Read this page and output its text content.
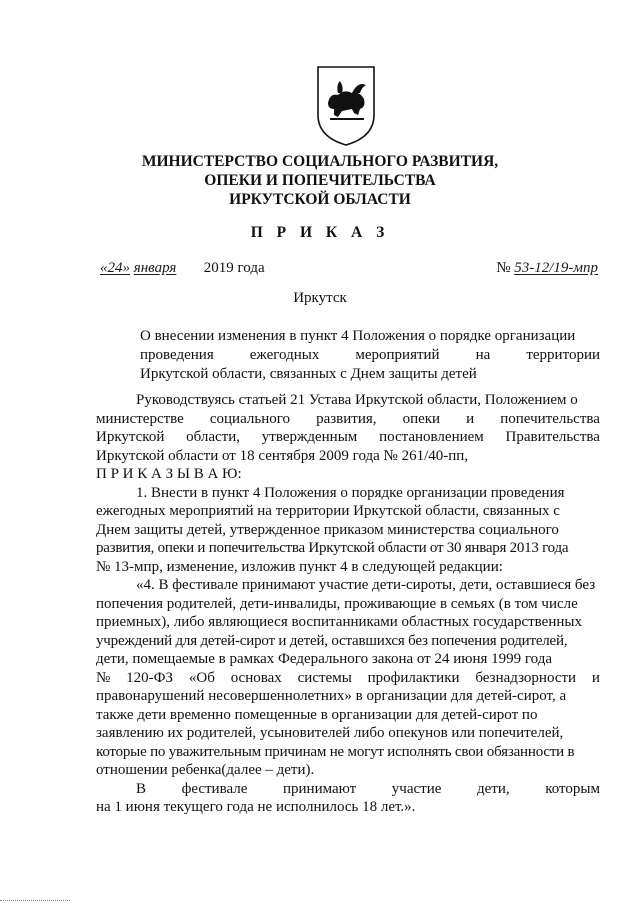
МИНИСТЕРСТВО СОЦИАЛЬНОГО РАЗВИТИЯ,
ОПЕКИ И ПОПЕЧИТЕЛЬСТВА
ИРКУТСКОЙ ОБЛАСТИ
П Р И К А З
«24» января 2019 года	№ 53-12/19-мпр
Иркутск
О внесении изменения в пункт 4 Положения о порядке организации
проведения ежегодных мероприятий на территории
Иркутской области, связанных с Днем защиты детей
Руководствуясь статьей 21 Устава Иркутской области, Положением о
министерстве социального развития, опеки и попечительства
Иркутской области, утвержденным постановлением Правительства
Иркутской области от 18 сентября 2009 года № 261/40-пп,
П Р И К А З Ы В А Ю:
1. Внести в пункт 4 Положения о порядке организации проведения
ежегодных мероприятий на территории Иркутской области, связанных с
Днем защиты детей, утвержденное приказом министерства социального
развития, опеки и попечительства Иркутской области от 30 января 2013 года
№ 13-мпр, изменение, изложив пункт 4 в следующей редакции:
«4. В фестивале принимают участие дети-сироты, дети, оставшиеся без
попечения родителей, дети-инвалиды, проживающие в семьях (в том числе
приемных), либо являющиеся воспитанниками областных государственных
учреждений для детей-сирот и детей, оставшихся без попечения родителей,
дети, помещаемые в рамках Федерального закона от 24 июня 1999 года
№ 120-ФЗ «Об основах системы профилактики безнадзорности и
правонарушений несовершеннолетних» в организации для детей-сирот, а
также дети временно помещенные в организации для детей-сирот по
заявлению их родителей, усыновителей либо опекунов или попечителей,
которые по уважительным причинам не могут исполнять свои обязанности в
отношении ребенка(далее – дети).
В фестивале принимают участие дети, которым
на 1 июня текущего года не исполнилось 18 лет.».
